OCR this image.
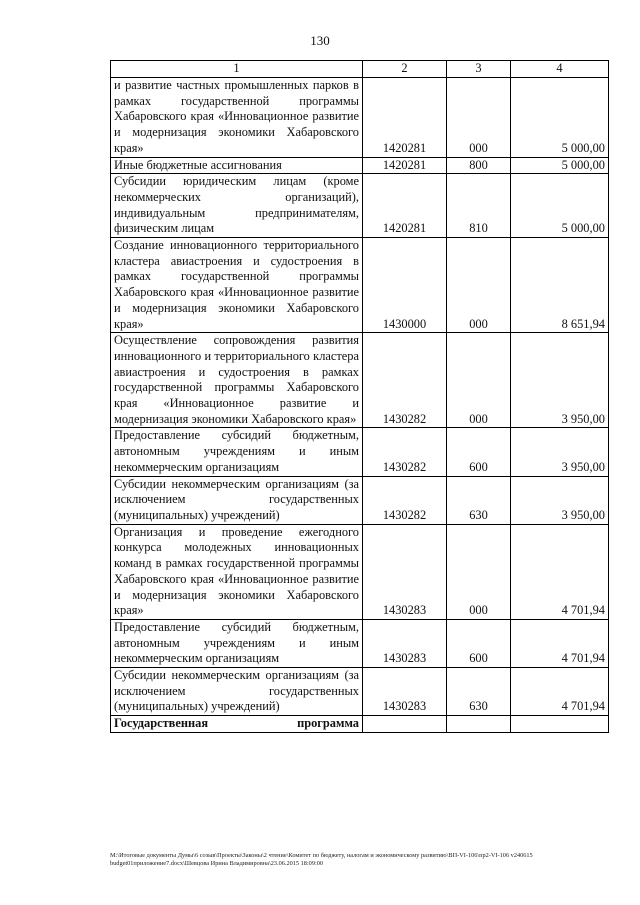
130
1	2	3	4
и развитие частных промышленных парков в рамках государственной программы Хабаровского края «Инновационное развитие и модернизация экономики Хабаровского края»	1420281	000	5 000,00
Иные бюджетные ассигнования	1420281	800	5 000,00
Субсидии юридическим лицам (кроме некоммерческих организаций), индивидуальным предпринимателям, физическим лицам	1420281	810	5 000,00
Создание инновационного территориального кластера авиастроения и судостроения в рамках государственной программы Хабаровского края «Инновационное развитие и модернизация экономики Хабаровского края»	1430000	000	8 651,94
Осуществление сопровождения развития инновационного и территориального кластера авиастроения и судостроения в рамках государственной программы Хабаровского края «Инновационное развитие и модернизация экономики Хабаровского края»	1430282	000	3 950,00
Предоставление субсидий бюджетным, автономным учреждениям и иным некоммерческим организациям	1430282	600	3 950,00
Субсидии некоммерческим организациям (за исключением государственных (муниципальных) учреждений)	1430282	630	3 950,00
Организация и проведение ежегодного конкурса молодежных инновационных команд в рамках государственной программы Хабаровского края «Инновационное развитие и модернизация экономики Хабаровского края»	1430283	000	4 701,94
Предоставление субсидий бюджетным, автономным учреждениям и иным некоммерческим организациям	1430283	600	4 701,94
Субсидии некоммерческим организациям (за исключением государственных (муниципальных) учреждений)	1430283	630	4 701,94
Государственная программа			
M:\Итоговые документы Думы\6 созыв\Проекты\Законы\2 чтение\Комитет по бюджету, налогам и экономическому развитию\ВП-VI-106\пр2-VI-106 v240615 budget01приложение7.docx\Шевцова Ирина Владимировна\23.06.2015 18:09:00
